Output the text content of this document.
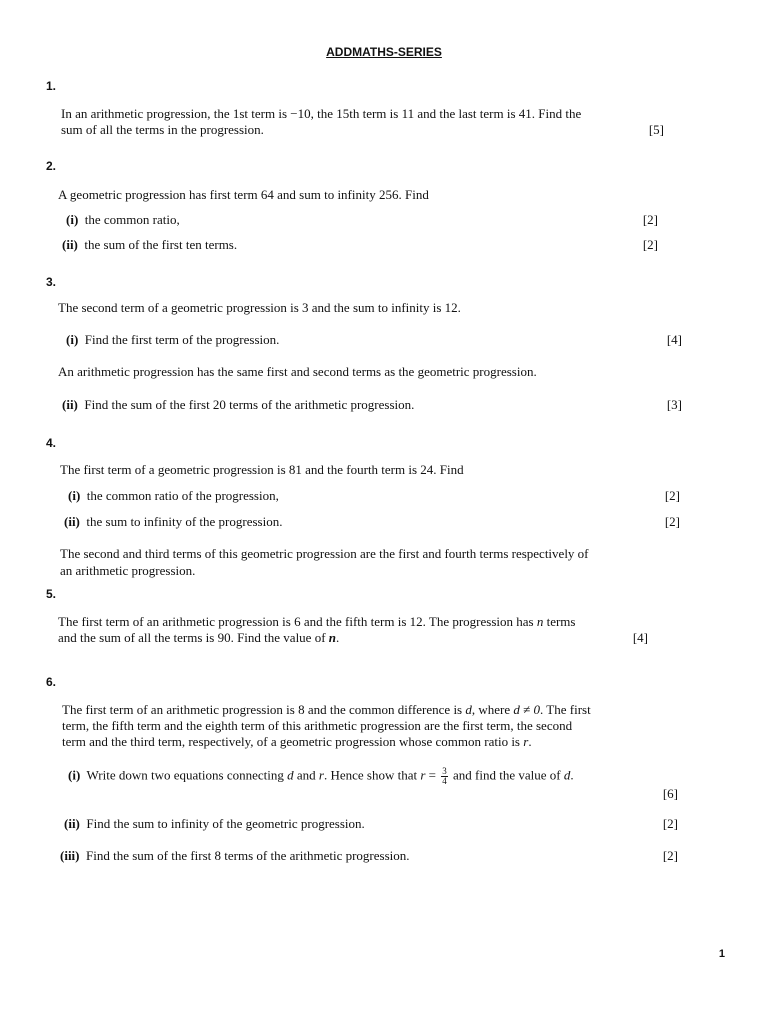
ADDMATHS-SERIES
1.
In an arithmetic progression, the 1st term is −10, the 15th term is 11 and the last term is 41. Find the
sum of all the terms in the progression.	[5]
2.
A geometric progression has first term 64 and sum to infinity 256. Find
(i) the common ratio,	[2]
(ii) the sum of the first ten terms.	[2]
3.
The second term of a geometric progression is 3 and the sum to infinity is 12.
(i) Find the first term of the progression.	[4]
An arithmetic progression has the same first and second terms as the geometric progression.
(ii) Find the sum of the first 20 terms of the arithmetic progression.	[3]
4.
The first term of a geometric progression is 81 and the fourth term is 24. Find
(i) the common ratio of the progression,	[2]
(ii) the sum to infinity of the progression.	[2]
The second and third terms of this geometric progression are the first and fourth terms respectively of
an arithmetic progression.
5.
The first term of an arithmetic progression is 6 and the fifth term is 12. The progression has n terms
and the sum of all the terms is 90. Find the value of n.	[4]
6.
The first term of an arithmetic progression is 8 and the common difference is d, where d ≠ 0. The first
term, the fifth term and the eighth term of this arithmetic progression are the first term, the second
term and the third term, respectively, of a geometric progression whose common ratio is r.
(i) Write down two equations connecting d and r. Hence show that $r = \frac{3}{4}$ and find the value of d.
[6]
(ii) Find the sum to infinity of the geometric progression.	[2]
(iii) Find the sum of the first 8 terms of the arithmetic progression.	[2]
1
